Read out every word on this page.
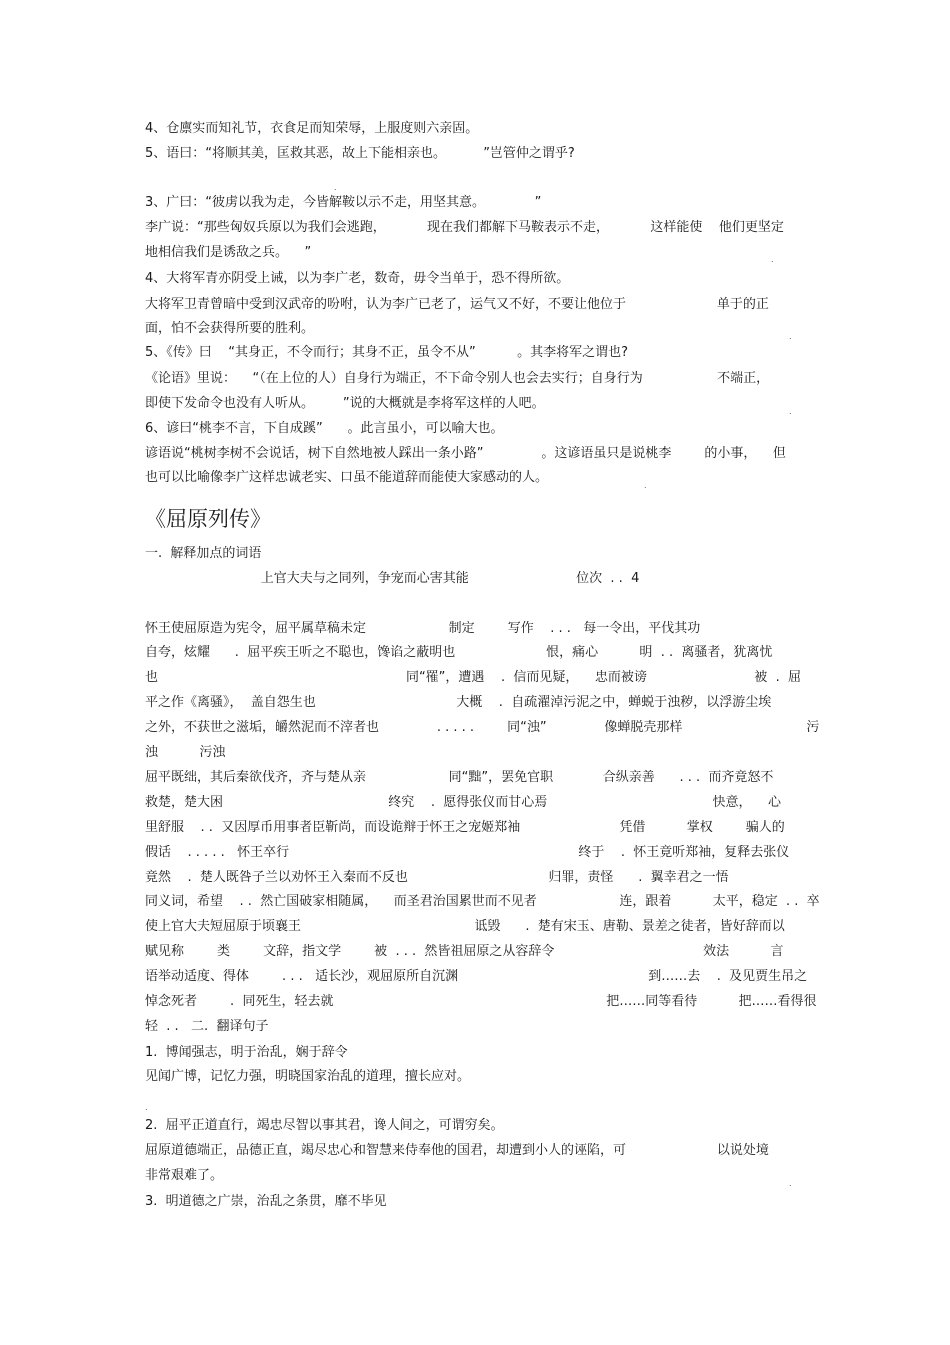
4、仓廪实而知礼节，衣食足而知荣辱，上服度则六亲固。
5、语曰：“将顺其美，匡救其恶，故上下能相亲也。         ”岂管仲之谓乎?
.
3、广曰：“彼虏以我为走，今皆解鞍以示不走，用坚其意。            ”
李广说：“那些匈奴兵原以为我们会逃跑，          现在我们都解下马鞍表示不走，          这样能使    他们更坚定
地相信我们是诱敌之兵。    ”	.
4、大将军青亦阴受上诫，以为李广老，数奇，毋令当单于，恐不得所欲。
大将军卫青曾暗中受到汉武帝的吩咐，认为李广已老了，运气又不好，不要让他位于                      单于的正
面，怕不会获得所要的胜利。
.
5、《传》曰    “其身正，不令而行；其身不正，虽令不从”          。其李将军之谓也?
《论语》里说：    “（在上位的人）自身行为端正，不下命令别人也会去实行；自身行为                  不端正，
即使下发命令也没有人听从。       ”说的大概就是李将军这样的人吧。
.
6、谚曰“桃李不言，下自成蹊”      。此言虽小，可以喻大也。
谚语说“桃树李树不会说话，树下自然地被人踩出一条小路”              。这谚语虽只是说桃李        的小事，    但
也可以比喻像李广这样忠诚老实、口虽不能道辞而能使大家感动的人。
.
《屈原列传》
一.  解释加点的词语
上官大夫与之同列，争宠而心害其能                          位次  . .  4
怀王使屈原造为宪令，屈平属草稿未定                    制定        写作    . . .   每一令出，平伐其功
自夸，炫耀      .  屈平疾王听之不聪也，馋谄之蔽明也                      恨，痛心          明  . .  离骚者，犹离忧
也                                                            同“罹”，遭遇    .  信而见疑，    忠而被谤                          被  .  屈
平之作《离骚》，  盖自怨生也                                  大概    .  自疏濯淖污泥之中，蝉蜕于浊秽，以浮游尘埃
之外，不获世之滋垢，皭然泥而不滓者也              . . . . .        同“浊”              像蝉脱壳那样                              污
浊          污浊
屈平既绌，其后秦欲伐齐，齐与楚从亲                    同“黜”，罢免官职            合纵亲善      . . .  而齐竟怒不
救楚，楚大困                                        终究    .  愿得张仪而甘心焉                                        快意，    心
里舒服    . .  又因厚币用事者臣靳尚，而设诡辩于怀王之宠姬郑袖                        凭借          掌权        骗人的
假话    . . . . .   怀王卒行                                                                      终于    .  怀王竟听郑袖，复释去张仪
竟然    .  楚人既咎子兰以劝怀王入秦而不反也                                  归罪，责怪      .  翼幸君之一悟
同义词，希望    . .  然亡国破家相随属，    而圣君治国累世而不见者                    连，跟着          太平，稳定  . .  卒
使上官大夫短屈原于顷襄王                                          诋毁      .  楚有宋玉、唐勒、景差之徒者，皆好辞而以
赋见称        类        文辞，指文学        被  . . .  然皆祖屈原之从容辞令                                    效法          言
语举动适度、得体        . . .   适长沙，观屈原所自沉渊                                              到……去    .  及见贾生吊之
悼念死者        .  同死生，轻去就                                                                  把……同等看待          把……看得很
轻  . .   二.  翻译句子
1.  博闻强志，明于治乱，娴于辞令
见闻广博，记忆力强，明晓国家治乱的道理，擅长应对。
.
2.  屈平正道直行，竭忠尽智以事其君，谗人间之，可谓穷矣。
屈原道德端正，品德正直，竭尽忠心和智慧来侍奉他的国君，却遭到小人的诬陷，可                      以说处境
非常艰难了。
.
3.  明道德之广崇，治乱之条贯，靡不毕见
